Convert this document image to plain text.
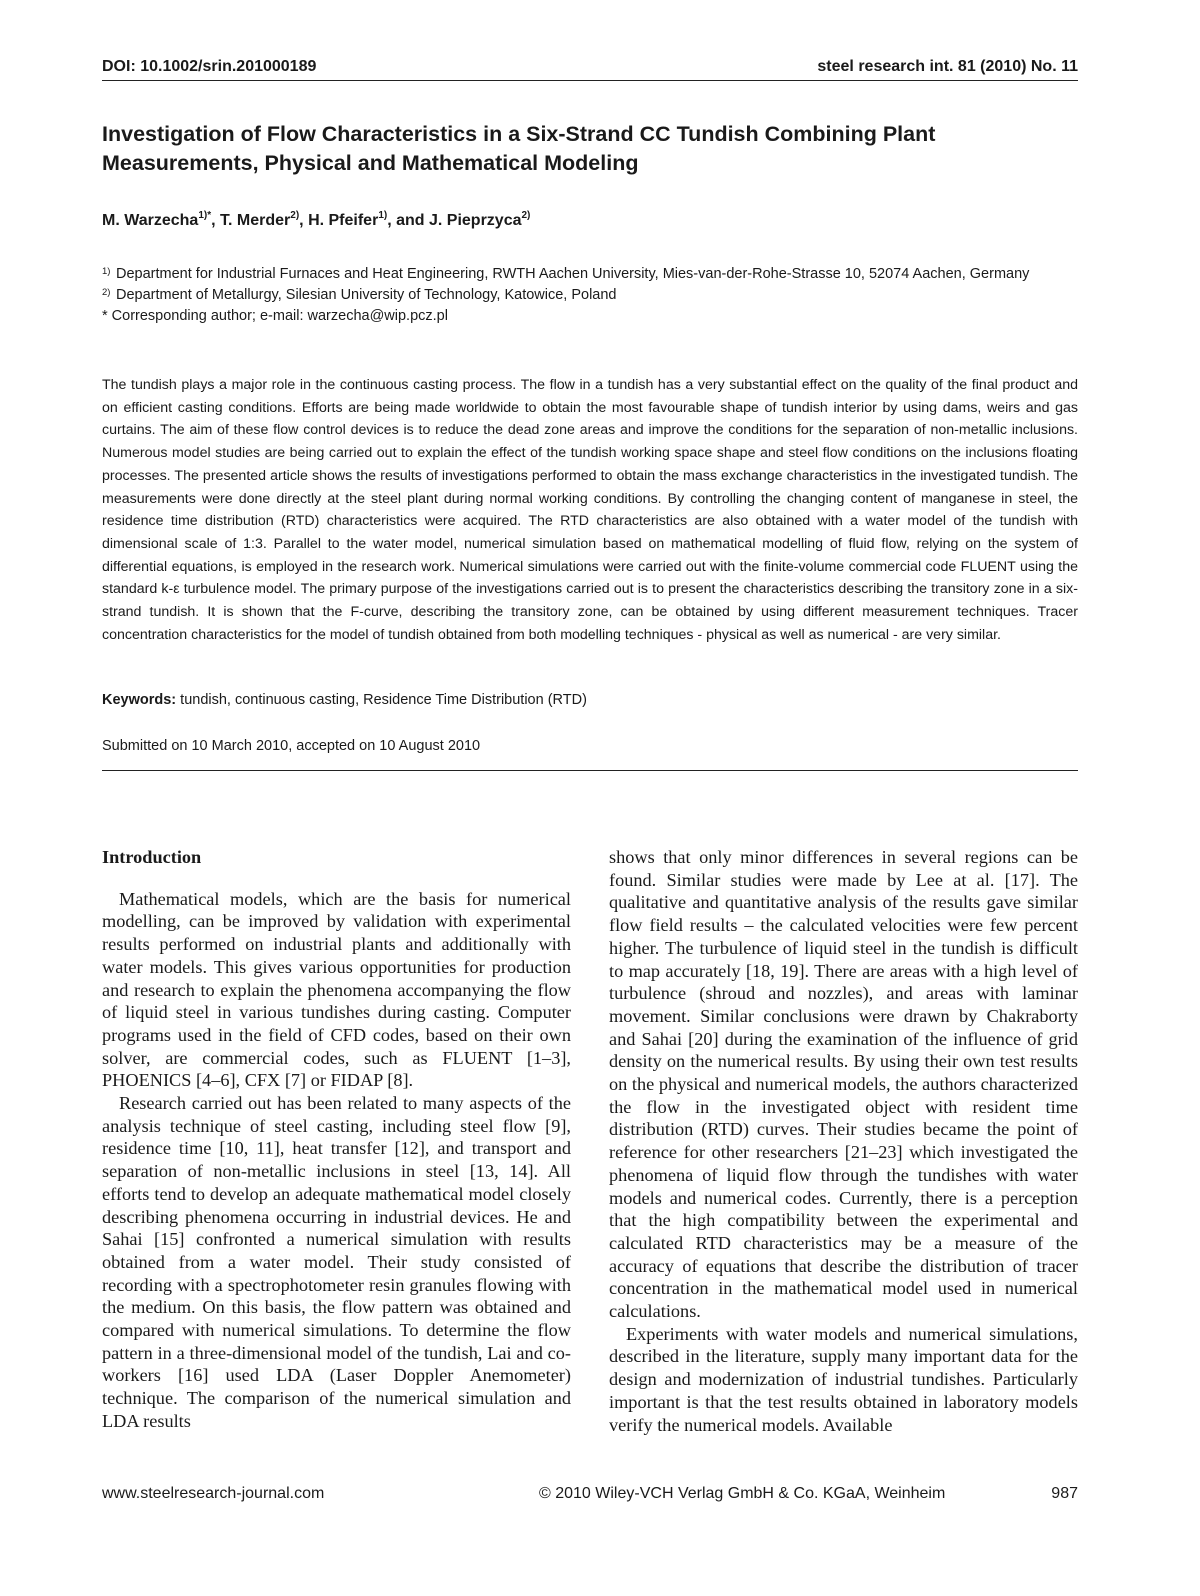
DOI: 10.1002/srin.201000189	steel research int. 81 (2010) No. 11
Investigation of Flow Characteristics in a Six-Strand CC Tundish Combining Plant Measurements, Physical and Mathematical Modeling

M. Warzecha$^{1)*}$, T. Merder$^{2)}$, H. Pfeifer$^{1)}$, and J. Pieprzyca$^{2)}$

1) Department for Industrial Furnaces and Heat Engineering, RWTH Aachen University, Mies-van-der-Rohe-Strasse 10, 52074 Aachen, Germany

2) Department of Metallurgy, Silesian University of Technology, Katowice, Poland

* Corresponding author; e-mail: warzecha@wip.pcz.pl

The tundish plays a major role in the continuous casting process. The flow in a tundish has a very substantial effect on the quality of the final product and on efficient casting conditions. Efforts are being made worldwide to obtain the most favourable shape of tundish interior by using dams, weirs and gas curtains. The aim of these flow control devices is to reduce the dead zone areas and improve the conditions for the separation of non-metallic inclusions. Numerous model studies are being carried out to explain the effect of the tundish working space shape and steel flow conditions on the inclusions floating processes. The presented article shows the results of investigations performed to obtain the mass exchange characteristics in the investigated tundish. The measurements were done directly at the steel plant during normal working conditions. By controlling the changing content of manganese in steel, the residence time distribution (RTD) characteristics were acquired. The RTD characteristics are also obtained with a water model of the tundish with dimensional scale of 1:3. Parallel to the water model, numerical simulation based on mathematical modelling of fluid flow, relying on the system of differential equations, is employed in the research work. Numerical simulations were carried out with the finite-volume commercial code FLUENT using the standard k-ε turbulence model. The primary purpose of the investigations carried out is to present the characteristics describing the transitory zone in a six-strand tundish. It is shown that the F-curve, describing the transitory zone, can be obtained by using different measurement techniques. Tracer concentration characteristics for the model of tundish obtained from both modelling techniques - physical as well as numerical - are very similar.

Keywords: tundish, continuous casting, Residence Time Distribution (RTD)

Submitted on 10 March 2010, accepted on 10 August 2010

Introduction

Mathematical models, which are the basis for numerical modelling, can be improved by validation with experimental results performed on industrial plants and additionally with water models. This gives various opportunities for production and research to explain the phenomena accompanying the flow of liquid steel in various tundishes during casting. Computer programs used in the field of CFD codes, based on their own solver, are commercial codes, such as FLUENT [1–3], PHOENICS [4–6], CFX [7] or FIDAP [8].

Research carried out has been related to many aspects of the analysis technique of steel casting, including steel flow [9], residence time [10, 11], heat transfer [12], and transport and separation of non-metallic inclusions in steel [13, 14]. All efforts tend to develop an adequate mathematical model closely describing phenomena occurring in industrial devices. He and Sahai [15] confronted a numerical simulation with results obtained from a water model. Their study consisted of recording with a spectrophotometer resin granules flowing with the medium. On this basis, the flow pattern was obtained and compared with numerical simulations. To determine the flow pattern in a three-dimensional model of the tundish, Lai and co-workers [16] used LDA (Laser Doppler Anemometer) technique. The comparison of the numerical simulation and LDA results

shows that only minor differences in several regions can be found. Similar studies were made by Lee at al. [17]. The qualitative and quantitative analysis of the results gave similar flow field results – the calculated velocities were few percent higher. The turbulence of liquid steel in the tundish is difficult to map accurately [18, 19]. There are areas with a high level of turbulence (shroud and nozzles), and areas with laminar movement. Similar conclusions were drawn by Chakraborty and Sahai [20] during the examination of the influence of grid density on the numerical results. By using their own test results on the physical and numerical models, the authors characterized the flow in the investigated object with resident time distribution (RTD) curves. Their studies became the point of reference for other researchers [21–23] which investigated the phenomena of liquid flow through the tundishes with water models and numerical codes. Currently, there is a perception that the high compatibility between the experimental and calculated RTD characteristics may be a measure of the accuracy of equations that describe the distribution of tracer concentration in the mathematical model used in numerical calculations.

Experiments with water models and numerical simulations, described in the literature, supply many important data for the design and modernization of industrial tundishes. Particularly important is that the test results obtained in laboratory models verify the numerical models. Available

www.steelresearch-journal.com	© 2010 Wiley-VCH Verlag GmbH & Co. KGaA, Weinheim	987
